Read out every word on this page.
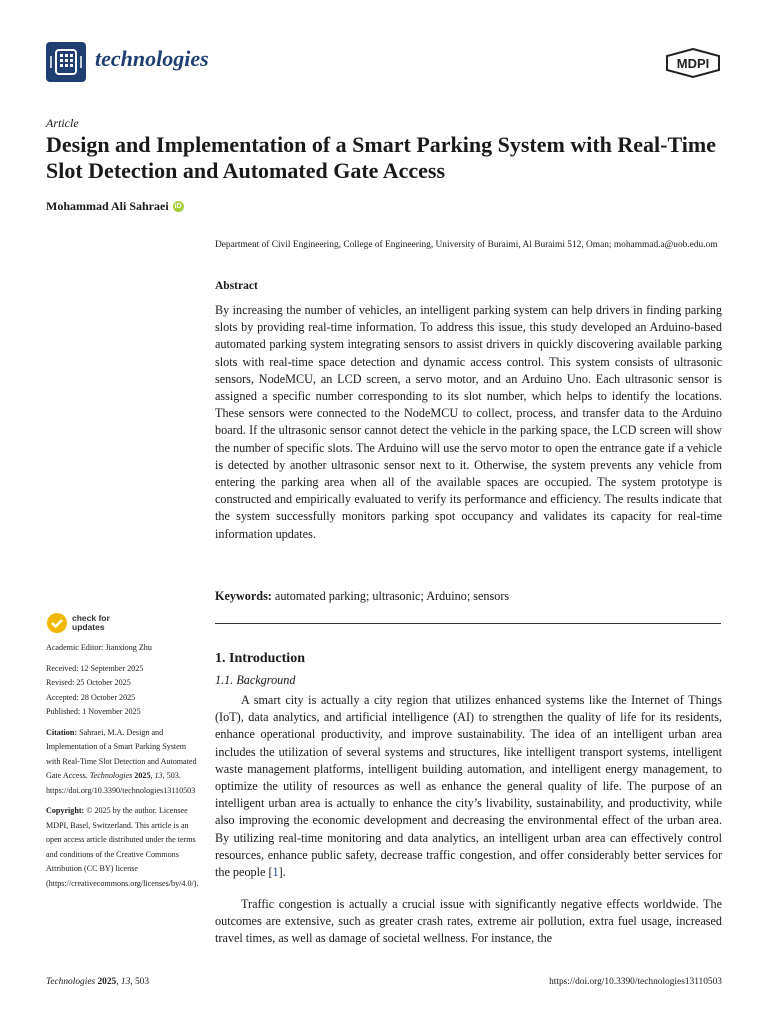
technologies	MDPI
Article
Design and Implementation of a Smart Parking System with Real-Time Slot Detection and Automated Gate Access
Mohammad Ali Sahraei iD
Department of Civil Engineering, College of Engineering, University of Buraimi, Al Buraimi 512, Oman; mohammad.a@uob.edu.om
Abstract
By increasing the number of vehicles, an intelligent parking system can help drivers in finding parking slots by providing real-time information. To address this issue, this study developed an Arduino-based automated parking system integrating sensors to assist drivers in quickly discovering available parking slots with real-time space detection and dynamic access control. This system consists of ultrasonic sensors, NodeMCU, an LCD screen, a servo motor, and an Arduino Uno. Each ultrasonic sensor is assigned a specific number corresponding to its slot number, which helps to identify the locations. These sensors were connected to the NodeMCU to collect, process, and transfer data to the Arduino board. If the ultrasonic sensor cannot detect the vehicle in the parking space, the LCD screen will show the number of specific slots. The Arduino will use the servo motor to open the entrance gate if a vehicle is detected by another ultrasonic sensor next to it. Otherwise, the system prevents any vehicle from entering the parking area when all of the available spaces are occupied. The system prototype is constructed and empirically evaluated to verify its performance and efficiency. The results indicate that the system successfully monitors parking spot occupancy and validates its capacity for real-time information updates.
Keywords: automated parking; ultrasonic; Arduino; sensors
check for
updates

Academic Editor: Jianxiong Zhu

Received: 12 September 2025

Revised: 25 October 2025

Accepted: 28 October 2025

Published: 1 November 2025

Citation: Sahraei, M.A. Design and Implementation of a Smart Parking System with Real-Time Slot Detection and Automated Gate Access. Technologies 2025, 13, 503. https://doi.org/10.3390/technologies13110503

Copyright: © 2025 by the author. Licensee MDPI, Basel, Switzerland. This article is an open access article distributed under the terms and conditions of the Creative Commons Attribution (CC BY) license (https://creativecommons.org/licenses/by/4.0/).

1. Introduction
1.1. Background

A smart city is actually a city region that utilizes enhanced systems like the Internet of Things (IoT), data analytics, and artificial intelligence (AI) to strengthen the quality of life for its residents, enhance operational productivity, and improve sustainability. The idea of an intelligent urban area includes the utilization of several systems and structures, like intelligent transport systems, intelligent waste management platforms, intelligent building automation, and intelligent energy management, to optimize the utility of resources as well as enhance the general quality of life. The purpose of an intelligent urban area is actually to enhance the city’s livability, sustainability, and productivity, while also improving the economic development and decreasing the environmental effect of the urban area. By utilizing real-time monitoring and data analytics, an intelligent urban area can effectively control resources, enhance public safety, decrease traffic congestion, and offer considerably better services for the people [1].

Traffic congestion is actually a crucial issue with significantly negative effects worldwide. The outcomes are extensive, such as greater crash rates, extreme air pollution, extra fuel usage, increased travel times, as well as damage of societal wellness. For instance, the

Technologies 2025, 13, 503	https://doi.org/10.3390/technologies13110503
